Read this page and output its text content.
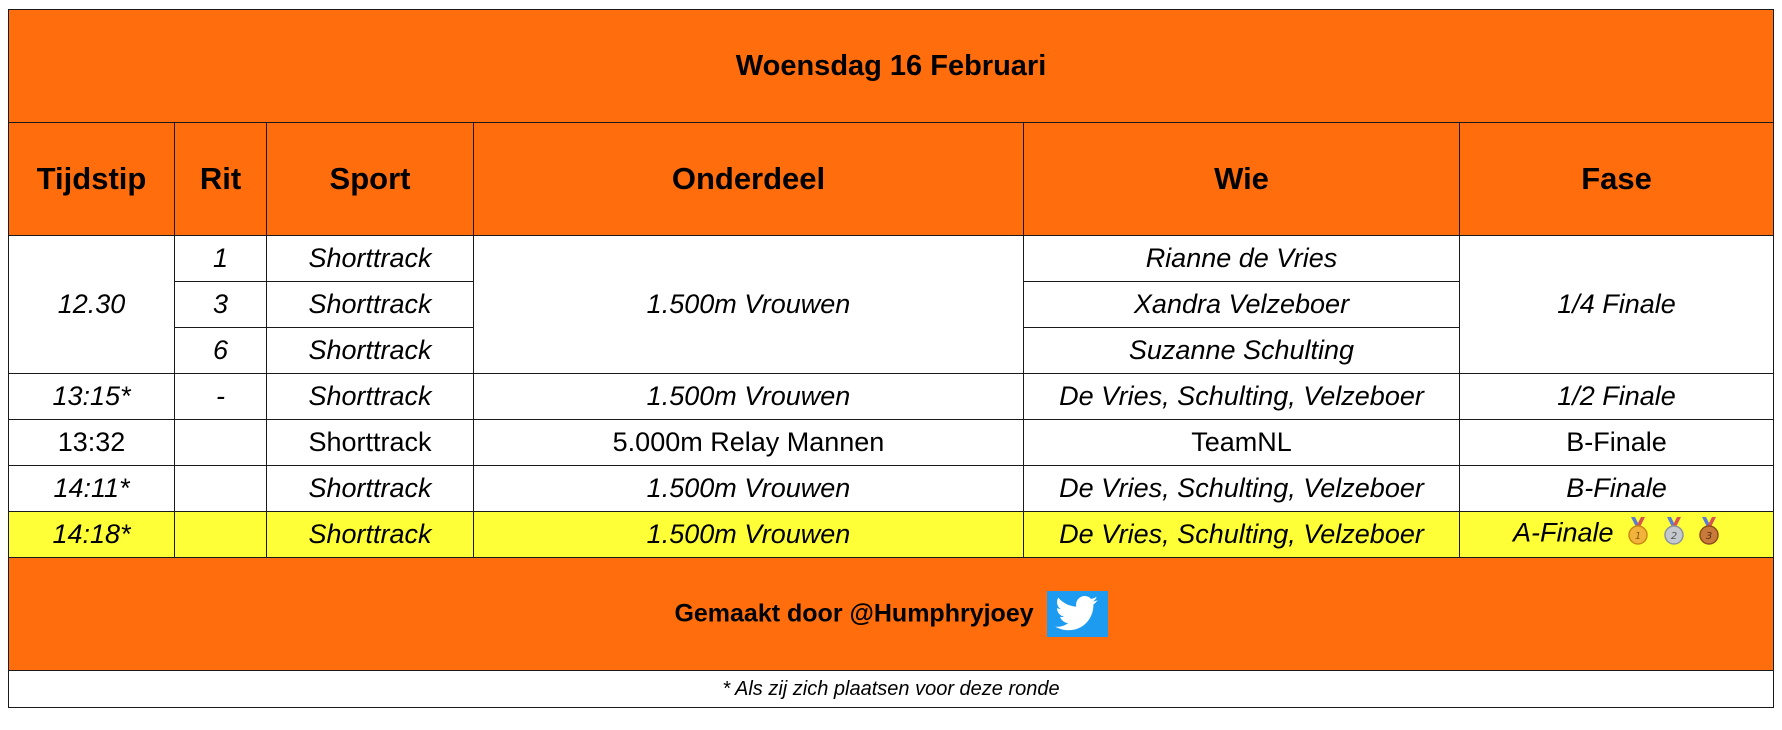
Woensdag 16 Februari					
Tijdstip	Rit	Sport	Onderdeel	Wie	Fase
12.30	1	Shorttrack	1.500m Vrouwen	Rianne de Vries	1/4 Finale
	3	Shorttrack		Xandra Velzeboer	
	6	Shorttrack		Suzanne Schulting	
13:15*	-	Shorttrack	1.500m Vrouwen	De Vries, Schulting, Velzeboer	1/2 Finale
13:32		Shorttrack	5.000m Relay Mannen	TeamNL	B-Finale
14:11*		Shorttrack	1.500m Vrouwen	De Vries, Schulting, Velzeboer	B-Finale
14:18*		Shorttrack	1.500m Vrouwen	De Vries, Schulting, Velzeboer	A-Finale 1
2
3

Gemaakt door @Humphryjoey					

* Als zij zich plaatsen voor deze ronde					
